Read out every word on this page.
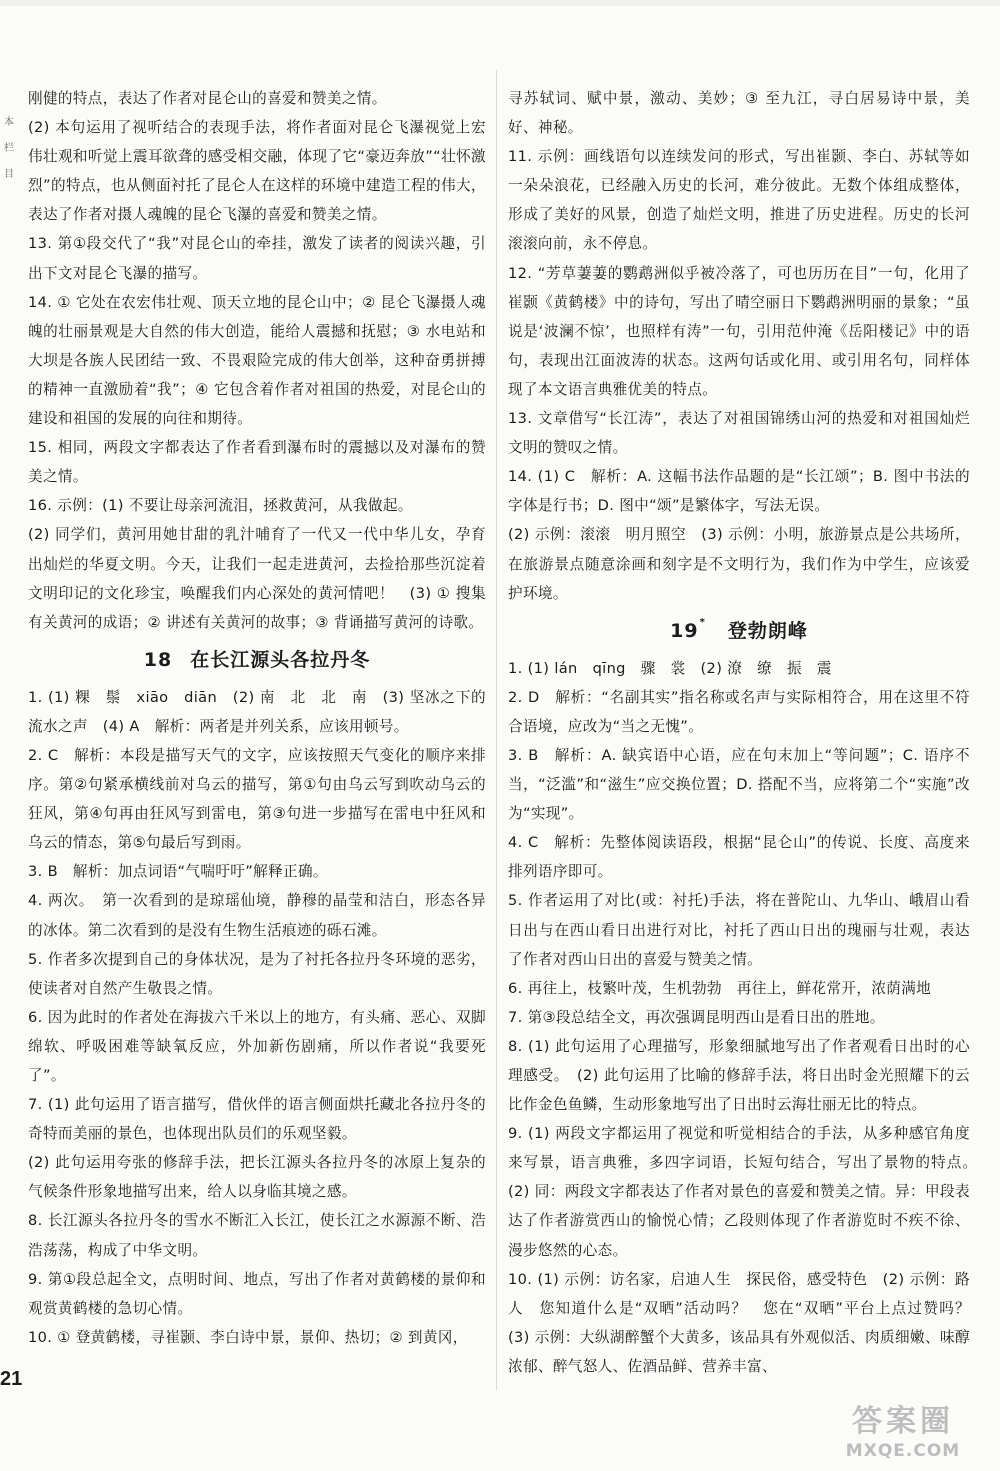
本栏目

刚健的特点，表达了作者对昆仑山的喜爱和赞美之情。

(2) 本句运用了视听结合的表现手法，将作者面对昆仑飞瀑视觉上宏伟壮观和听觉上震耳欲聋的感受相交融，体现了它“豪迈奔放”“壮怀激烈”的特点，也从侧面衬托了昆仑人在这样的环境中建造工程的伟大，表达了作者对摄人魂魄的昆仑飞瀑的喜爱和赞美之情。

13. 第①段交代了“我”对昆仑山的牵挂，激发了读者的阅读兴趣，引出下文对昆仑飞瀑的描写。

14. ① 它处在农宏伟壮观、顶天立地的昆仑山中；② 昆仑飞瀑摄人魂魄的壮丽景观是大自然的伟大创造，能给人震撼和抚慰；③ 水电站和大坝是各族人民团结一致、不畏艰险完成的伟大创举，这种奋勇拼搏的精神一直激励着“我”；④ 它包含着作者对祖国的热爱，对昆仑山的建设和祖国的发展的向往和期待。

15. 相同，两段文字都表达了作者看到瀑布时的震撼以及对瀑布的赞美之情。

16. 示例：(1) 不要让母亲河流泪，拯救黄河，从我做起。

(2) 同学们，黄河用她甘甜的乳汁哺育了一代又一代中华儿女，孕育出灿烂的华夏文明。今天，让我们一起走进黄河，去捡拾那些沉淀着文明印记的文化珍宝，唤醒我们内心深处的黄河情吧！　(3) ① 搜集有关黄河的成语；② 讲述有关黄河的故事；③ 背诵描写黄河的诗歌。

18 在长江源头各拉丹冬

1. (1) 粿　鬃　xiāo　diān　(2) 南　北　北　南　(3) 坚冰之下的流水之声　(4) A　解析：两者是并列关系，应该用顿号。

2. C　解析：本段是描写天气的文字，应该按照天气变化的顺序来排序。第②句紧承横线前对乌云的描写，第①句由乌云写到吹动乌云的狂风，第④句再由狂风写到雷电，第③句进一步描写在雷电中狂风和乌云的情态，第⑤句最后写到雨。

3. B　解析：加点词语“气喘吁吁”解释正确。

4. 两次。　第一次看到的是琼瑶仙境，静穆的晶莹和洁白，形态各异的冰体。第二次看到的是没有生物生活痕迹的砾石滩。

5. 作者多次提到自己的身体状况，是为了衬托各拉丹冬环境的恶劣，使读者对自然产生敬畏之情。

6. 因为此时的作者处在海拔六千米以上的地方，有头痛、恶心、双脚绵软、呼吸困难等缺氧反应，外加新伤剧痛，所以作者说“我要死了”。

7. (1) 此句运用了语言描写，借伙伴的语言侧面烘托藏北各拉丹冬的奇特而美丽的景色，也体现出队员们的乐观坚毅。

(2) 此句运用夸张的修辞手法，把长江源头各拉丹冬的冰原上复杂的气候条件形象地描写出来，给人以身临其境之感。

8. 长江源头各拉丹冬的雪水不断汇入长江，使长江之水源源不断、浩浩荡荡，构成了中华文明。

9. 第①段总起全文，点明时间、地点，写出了作者对黄鹤楼的景仰和观赏黄鹤楼的急切心情。

10. ① 登黄鹤楼，寻崔颢、李白诗中景，景仰、热切；② 到黄冈，

寻苏轼词、赋中景，激动、美妙；③ 至九江，寻白居易诗中景，美好、神秘。

11. 示例：画线语句以连续发问的形式，写出崔颢、李白、苏轼等如一朵朵浪花，已经融入历史的长河，难分彼此。无数个体组成整体，形成了美好的风景，创造了灿烂文明，推进了历史进程。历史的长河滚滚向前，永不停息。

12. “芳草萋萋的鹦鹉洲似乎被冷落了，可也历历在目”一句，化用了崔颢《黄鹤楼》中的诗句，写出了晴空丽日下鹦鹉洲明丽的景象；“虽说是‘波澜不惊’，也照样有涛”一句，引用范仲淹《岳阳楼记》中的语句，表现出江面波涛的状态。这两句话或化用、或引用名句，同样体现了本文语言典雅优美的特点。

13. 文章借写“长江涛”，表达了对祖国锦绣山河的热爱和对祖国灿烂文明的赞叹之情。

14. (1) C　解析：A. 这幅书法作品题的是“长江颂”；B. 图中书法的字体是行书；D. 图中“颂”是繁体字，写法无误。

(2) 示例：滚滚　明月照空　(3) 示例：小明，旅游景点是公共场所，在旅游景点随意涂画和刻字是不文明行为，我们作为中学生，应该爱护环境。

19* 登勃朗峰

1. (1) lán　qīng　骤　裳　(2) 潦　缭　振　震

2. D　解析：“名副其实”指名称或名声与实际相符合，用在这里不符合语境，应改为“当之无愧”。

3. B　解析：A. 缺宾语中心语，应在句末加上“等问题”；C. 语序不当，“泛滥”和“滋生”应交换位置；D. 搭配不当，应将第二个“实施”改为“实现”。

4. C　解析：先整体阅读语段，根据“昆仑山”的传说、长度、高度来排列语序即可。

5. 作者运用了对比(或：衬托)手法，将在普陀山、九华山、峨眉山看日出与在西山看日出进行对比，衬托了西山日出的瑰丽与壮观，表达了作者对西山日出的喜爱与赞美之情。

6. 再往上，枝繁叶茂，生机勃勃　再往上，鲜花常开，浓荫满地

7. 第③段总结全文，再次强调昆明西山是看日出的胜地。

8. (1) 此句运用了心理描写，形象细腻地写出了作者观看日出时的心理感受。　(2) 此句运用了比喻的修辞手法，将日出时金光照耀下的云比作金色鱼鳞，生动形象地写出了日出时云海壮丽无比的特点。

9. (1) 两段文字都运用了视觉和听觉相结合的手法，从多种感官角度来写景，语言典雅，多四字词语，长短句结合，写出了景物的特点。　(2) 同：两段文字都表达了作者对景色的喜爱和赞美之情。异：甲段表达了作者游赏西山的愉悦心情；乙段则体现了作者游览时不疾不徐、漫步悠然的心态。

10. (1) 示例：访名家，启迪人生　探民俗，感受特色　(2) 示例：路人　您知道什么是“双晒”活动吗？　您在“双晒”平台上点过赞吗？　(3) 示例：大纵湖醉蟹个大黄多，该品具有外观似活、肉质细嫩、味醇浓郁、醉气怒人、佐酒品鲜、营养丰富、

21
答案圈
MXQE.COM
